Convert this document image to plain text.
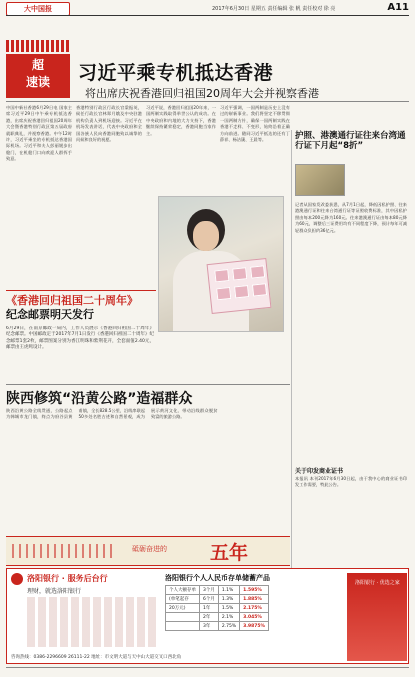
大中国报	2017年6月30日 星期五 责任编辑 张 帆 责任校对 徐 亮	A11
超
速读	习近平乘专机抵达香港
将出席庆祝香港回归祖国20周年大会并视察香港
中国中新社香港6月29日电 国家主席习近平29日中午乘专机抵达香港，出席庆祝香港回归祖国20周年大会暨香港特别行政区第五届政府就职典礼，并视察香港。中午12时许，习近平乘坐的专机抵达香港国际机场。习近平和夫人彭丽媛步出舱门，在机舱门口向欢迎人群挥手致意。
香港特别行政区行政长官梁振英，候任行政长官林郑月娥及中央驻港机构负责人到机场迎接。习近平在机场发表讲话，代表中央政府和全国各族人民向香港同胞致以诚挚的问候和良好的祝愿。
习近平说，香港回归祖国20年来，一国两制实践取得举世公认的成功。在中央政府和内地的大力支持下，香港继续保持繁荣稳定，香港同胞当家作主。
习近平强调，一国两制是历史上没有过的崭新事业。我们将坚定不移贯彻一国两制方针，确保一国两制实践在香港不走样、不变形，始终沿着正确方向前进。随同习近平抵达的还有丁薛祥、杨洁篪、王晨等。
《香港回归祖国二十周年》
纪念邮票明天发行
6月29日，在南京邮政一局内，工作人员展示《香港回归祖国二十周年》纪念邮票。中国邮政定于2017年7月1日发行《香港回归祖国二十周年》纪念邮票1套2枚，邮票图案分别为香江明珠和紫荆花开，全套面值2.40元，邮票由王虎鸣设计。
护照、港澳通行证往来台湾通行证下月起“8折”
记者从国家发改委获悉，从7月1日起，降低因私护照、往来港澳通行证和往来台湾通行证等证照收费标准，其中因私护照由每本200元降为160元。往来港澳通行证由每本80元降为60元，调整后三证费用均有不同程度下降，预计每年可减轻群众负担约36亿元。
关于印发商业证书
本报讯 本刊2017年6月30日起，由于我中心的商业证书印发工作需要，特此公告。
陕西修筑“沿黄公路”造福群众
陕西沿黄公路全线贯通，公路起点为韩城市龙门镇，终点为府谷县黄甫镇，全长828.5公里，沿线串联起50多处名胜古迹和自然景观，成为展示黄河文化、带动沿线群众脱贫致富的旅游公路。
砥砺奋进的 五年
洛阳银行 · 服务后台行
理财，就选洛阳银行
洛阳银行个人人民币存单储蓄产品
个人大额存单	3个月	1.1%	1.595%
(单笔起存	6个月	1.3%	1.885%
20万元)	1年	1.5%	2.175%
	2年	2.1%	3.045%
	3年	2.75%	3.9875%
洛阳银行 · 优选之家
咨询热线：0386-2296609 26111-22 地址：市文明大道与天中山大道交叉口西北角
